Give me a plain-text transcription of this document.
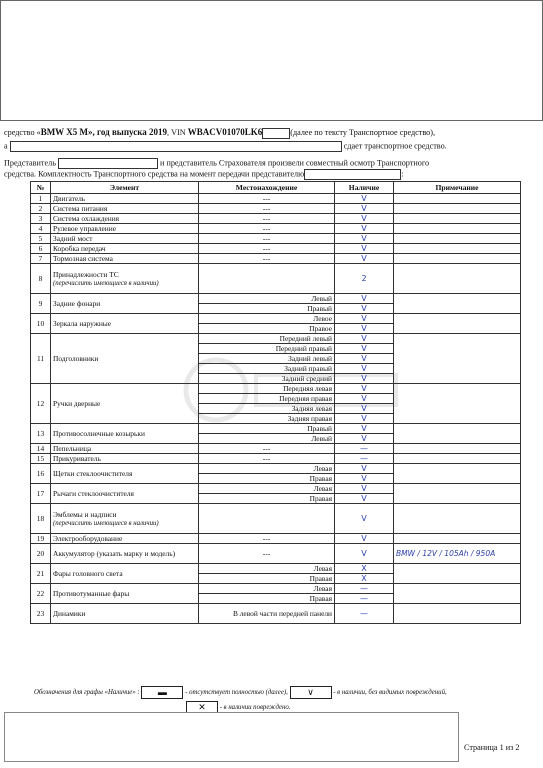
средство «BMW X5 M», год выпуска 2019, VIN WBACV01070LK6	(далее по тексту Транспортное средство),
а	сдает транспортное средство.
Представитель	и представитель Страхователя произвели совместный осмотр Транспортного
средства. Комплектность Транспортного средства на момент передачи представителю	:
№	Элемент	Местонахождение	Наличие	Примечание
1	Двигатель	---	V	
2	Система питания	---	V	
3	Система охлаждения	---	V	
4	Рулевое управление	---	V	
5	Задний мост	---	V	
6	Коробка передач	---	V	
7	Тормозная система	---	V	
8	Принадлежности ТС
(перечислить имеющиеся в наличии)		2	
9	Задние фонари	Левый	V	
		Правый	V	
10	Зеркала наружные	Левое	V	
		Правое	V	
11	Подголовники	Передний левый	V	
		Передний правый	V	
		Задний левый	V	
		Задний правый	V	
		Задний средний	V	
12	Ручки дверные	Передняя левая	V	
		Передняя правая	V	
		Задняя левая	V	
		Задняя правая	V	
13	Противосолнечные козырьки	Правый	V	
		Левый	V	
14	Пепельница	---	—	
15	Прикуриватель	---	—	
16	Щетки стеклоочистителя	Левая	V	
		Правая	V	
17	Рычаги стеклоочистителя	Левая	V	
		Правая	V	
18	Эмблемы и надписи
(перечислить имеющиеся в наличии)		V	
19	Электрооборудование	---	V	
20	Аккумулятор (указать марку и модель)	---	V	BMW / 12V / 105Ah / 950A
21	Фары головного света	Левая	X	
		Правая	X	
22	Противотуманные фары	Левая	—	
		Правая	—	
23	Динамики	В левой части передней панели	—	
Обозначения для графы «Наличие» : ▬	- отсутствует полностью (далее), ∨	- в наличии, без видимых повреждений,
✕ - в наличии повреждено.
Страница 1 из 2
